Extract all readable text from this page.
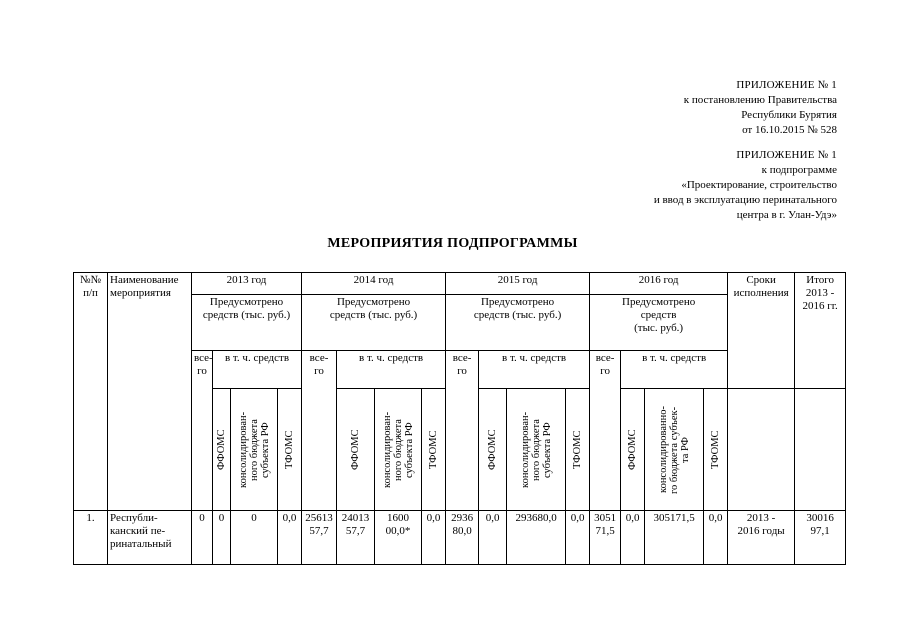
ПРИЛОЖЕНИЕ № 1
к постановлению Правительства
Республики Бурятия
от 16.10.2015 № 528
ПРИЛОЖЕНИЕ № 1
к подпрограмме
«Проектирование, строительство
и ввод в эксплуатацию перинатального
центра в г. Улан-Удэ»
МЕРОПРИЯТИЯ ПОДПРОГРАММЫ
№№
п/п	Наименование
мероприятия	2013 год				2014 год				2015 год				2016 год				Сроки
исполнения	Итого
2013 -
2016 гг.
		Предусмотрено
средств (тыс. руб.)				Предусмотрено
средств (тыс. руб.)				Предусмотрено
средств (тыс. руб.)				Предусмотрено
средств
(тыс. руб.)					
		все-
го	в т. ч. средств			все-
го	в т. ч. средств			все-
го	в т. ч. средств			все-
го	в т. ч. средств				

			ФФОМС	консолидирован-
ного бюджета
субъекта РФ	ТФОМС		ФФОМС	консолидирован-
ного бюджета
субъекта РФ	ТФОМС		ФФОМС	консолидирован-
ного бюджета
субъекта РФ	ТФОМС		ФФОМС	консолидированно-
го бюджета субъек-
та РФ	ТФОМС		

1.	Республи-
канский пе-
ринатальный	0	0	0	0,0	25613
57,7	24013
57,7	1600
00,0*	0,0	2936
80,0	0,0	293680,0	0,0	3051
71,5	0,0	305171,5	0,0	2013 -
2016 годы	30016
97,1
